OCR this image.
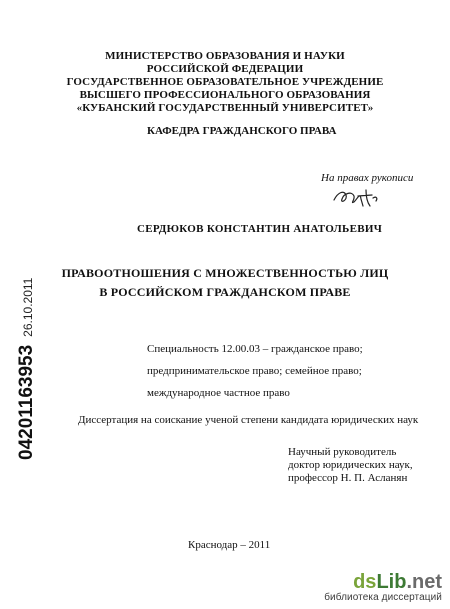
МИНИСТЕРСТВО ОБРАЗОВАНИЯ И НАУКИ
РОССИЙСКОЙ ФЕДЕРАЦИИ
ГОСУДАРСТВЕННОЕ ОБРАЗОВАТЕЛЬНОЕ УЧРЕЖДЕНИЕ
ВЫСШЕГО ПРОФЕССИОНАЛЬНОГО ОБРАЗОВАНИЯ
«КУБАНСКИЙ ГОСУДАРСТВЕННЫЙ УНИВЕРСИТЕТ»
КАФЕДРА ГРАЖДАНСКОГО ПРАВА
На правах рукописи
СЕРДЮКОВ КОНСТАНТИН АНАТОЛЬЕВИЧ
ПРАВООТНОШЕНИЯ С МНОЖЕСТВЕННОСТЬЮ ЛИЦ
В РОССИЙСКОМ ГРАЖДАНСКОМ ПРАВЕ
Специальность 12.00.03 – гражданское право;
предпринимательское право; семейное право;
международное частное право
Диссертация на соискание ученой степени кандидата юридических наук
Научный руководитель
доктор юридических наук,
профессор Н. П. Асланян
Краснодар – 2011
0420116395326.10.2011
dsLib.net
библиотека диссертаций
